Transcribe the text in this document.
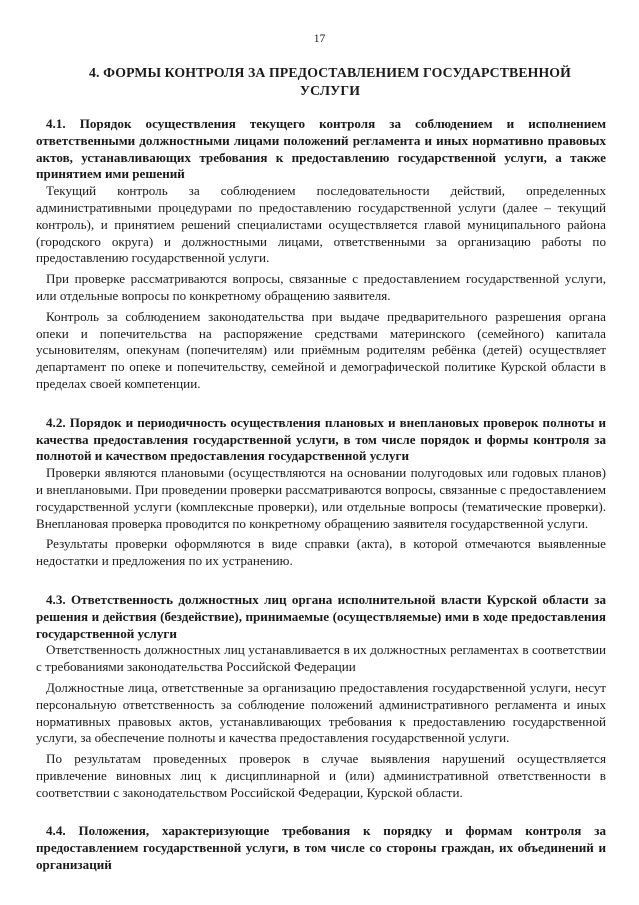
17
4. ФОРМЫ КОНТРОЛЯ ЗА ПРЕДОСТАВЛЕНИЕМ ГОСУДАРСТВЕННОЙ УСЛУГИ

4.1. Порядок осуществления текущего контроля за соблюдением и исполнением ответственными должностными лицами положений регламента и иных нормативно правовых актов, устанавливающих требования к предоставлению государственной услуги, а также принятием ими решений

Текущий контроль за соблюдением последовательности действий, определенных административными процедурами по предоставлению государственной услуги (далее – текущий контроль), и принятием решений специалистами осуществляется главой муниципального района (городского округа) и должностными лицами, ответственными за организацию работы по предоставлению государственной услуги.

При проверке рассматриваются вопросы, связанные с предоставлением государственной услуги, или отдельные вопросы по конкретному обращению заявителя.

Контроль за соблюдением законодательства при выдаче предварительного разрешения органа опеки и попечительства на распоряжение средствами материнского (семейного) капитала усыновителям, опекунам (попечителям) или приёмным родителям ребёнка (детей) осуществляет департамент по опеке и попечительству, семейной и демографической политике Курской области в пределах своей компетенции.

4.2. Порядок и периодичность осуществления плановых и внеплановых проверок полноты и качества предоставления государственной услуги, в том числе порядок и формы контроля за полнотой и качеством предоставления государственной услуги

Проверки являются плановыми (осуществляются на основании полугодовых или годовых планов) и внеплановыми. При проведении проверки рассматриваются вопросы, связанные с предоставлением государственной услуги (комплексные проверки), или отдельные вопросы (тематические проверки). Внеплановая проверка проводится по конкретному обращению заявителя государственной услуги.

Результаты проверки оформляются в виде справки (акта), в которой отмечаются выявленные недостатки и предложения по их устранению.

4.3. Ответственность должностных лиц органа исполнительной власти Курской области за решения и действия (бездействие), принимаемые (осуществляемые) ими в ходе предоставления государственной услуги

Ответственность должностных лиц устанавливается в их должностных регламентах в соответствии с требованиями законодательства Российской Федерации

Должностные лица, ответственные за организацию предоставления государственной услуги, несут персональную ответственность за соблюдение положений административного регламента и иных нормативных правовых актов, устанавливающих требования к предоставлению государственной услуги, за обеспечение полноты и качества предоставления государственной услуги.

По результатам проведенных проверок в случае выявления нарушений осуществляется привлечение виновных лиц к дисциплинарной и (или) административной ответственности в соответствии с законодательством Российской Федерации, Курской области.

4.4. Положения, характеризующие требования к порядку и формам контроля за предоставлением государственной услуги, в том числе со стороны граждан, их объединений и организаций
